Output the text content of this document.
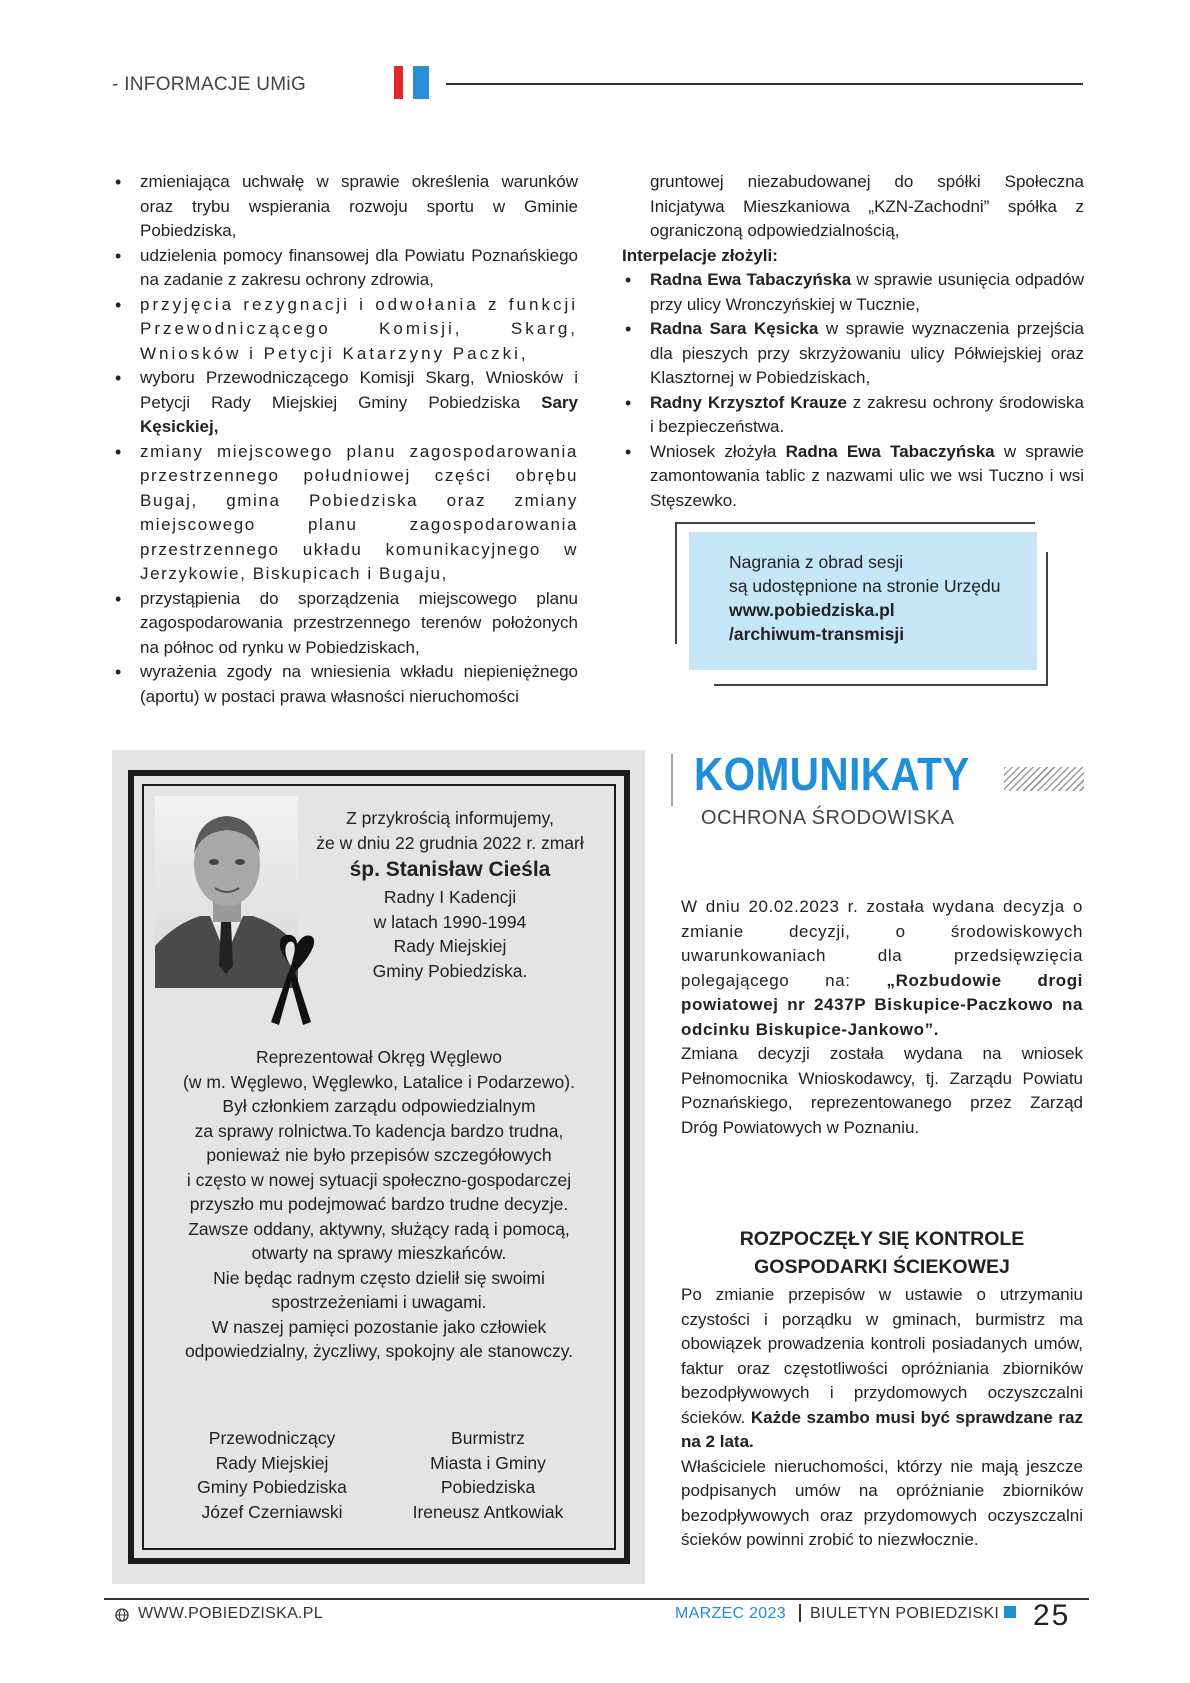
- INFORMACJE UMiG
• zmieniająca uchwałę w sprawie określenia warunków oraz trybu wspierania rozwoju sportu w Gminie Pobiedziska,
• udzielenia pomocy finansowej dla Powiatu Poznańskiego na zadanie z zakresu ochrony zdrowia,
• przyjęcia rezygnacji i odwołania z funkcji Przewodniczącego Komisji, Skarg, Wniosków i Petycji Katarzyny Paczki,
• wyboru Przewodniczącego Komisji Skarg, Wniosków i Petycji Rady Miejskiej Gminy Pobiedziska Sary Kęsickiej,
• zmiany miejscowego planu zagospodarowania przestrzennego południowej części obrębu Bugaj, gmina Pobiedziska oraz zmiany miejscowego planu zagospodarowania przestrzennego układu komunikacyjnego w Jerzykowie, Biskupicach i Bugaju,
• przystąpienia do sporządzenia miejscowego planu zagospodarowania przestrzennego terenów położonych na północ od rynku w Pobiedziskach,
• wyrażenia zgody na wniesienia wkładu niepieniężnego (aportu) w postaci prawa własności nieruchomości
gruntowej niezabudowanej do spółki Społeczna Inicjatywa Mieszkaniowa „KZN-Zachodni” spółka z ograniczoną odpowiedzialnością,
Interpelacje złożyli:
• Radna Ewa Tabaczyńska w sprawie usunięcia odpadów przy ulicy Wronczyńskiej w Tucznie,
• Radna Sara Kęsicka w sprawie wyznaczenia przejścia dla pieszych przy skrzyżowaniu ulicy Półwiejskiej oraz Klasztornej w Pobiedziskach,
• Radny Krzysztof Krauze z zakresu ochrony środowiska i bezpieczeństwa.
• Wniosek złożyła Radna Ewa Tabaczyńska w sprawie zamontowania tablic z nazwami ulic we wsi Tuczno i wsi Stęszewko.
Nagrania z obrad sesji
są udostępnione na stronie Urzędu
www.pobiedziska.pl
/archiwum-transmisji
Z przykrością informujemy,
że w dniu 22 grudnia 2022 r. zmarł
śp. Stanisław Cieśla
Radny I Kadencji
w latach 1990-1994
Rady Miejskiej
Gminy Pobiedziska.
Reprezentował Okręg Węglewo
(w m. Węglewo, Węglewko, Latalice i Podarzewo).
Był członkiem zarządu odpowiedzialnym
za sprawy rolnictwa.To kadencja bardzo trudna,
ponieważ nie było przepisów szczegółowych
i często w nowej sytuacji społeczno-gospodarczej
przyszło mu podejmować bardzo trudne decyzje.
Zawsze oddany, aktywny, służący radą i pomocą,
otwarty na sprawy mieszkańców.
Nie będąc radnym często dzielił się swoimi
spostrzeżeniami i uwagami.
W naszej pamięci pozostanie jako człowiek
odpowiedzialny, życzliwy, spokojny ale stanowczy.
Przewodniczący
Rady Miejskiej
Gminy Pobiedziska
Józef Czerniawski
Burmistrz
Miasta i Gminy
Pobiedziska
Ireneusz Antkowiak
KOMUNIKATY
OCHRONA ŚRODOWISKA
W dniu 20.02.2023 r. została wydana decyzja o zmianie decyzji, o środowiskowych uwarunkowaniach dla przedsięwzięcia polegającego na: „Rozbudowie drogi powiatowej nr 2437P Biskupice-Paczkowo na odcinku Biskupice-Jankowo”.
Zmiana decyzji została wydana na wniosek Pełnomocnika Wnioskodawcy, tj. Zarządu Powiatu Poznańskiego, reprezentowanego przez Zarząd Dróg Powiatowych w Poznaniu.
ROZPOCZĘŁY SIĘ KONTROLE
GOSPODARKI ŚCIEKOWEJ
Po zmianie przepisów w ustawie o utrzymaniu czystości i porządku w gminach, burmistrz ma obowiązek prowadzenia kontroli posiadanych umów, faktur oraz częstotliwości opróżniania zbiorników bezodpływowych i przydomowych oczyszczalni ścieków. Każde szambo musi być sprawdzane raz na 2 lata.
Właściciele nieruchomości, którzy nie mają jeszcze podpisanych umów na opróżnianie zbiorników bezodpływowych oraz przydomowych oczyszczalni ścieków powinni zrobić to niezwłocznie.
WWW.POBIEDZISKA.PL	MARZEC 2023 BIULETYN POBIEDZISKI 25
